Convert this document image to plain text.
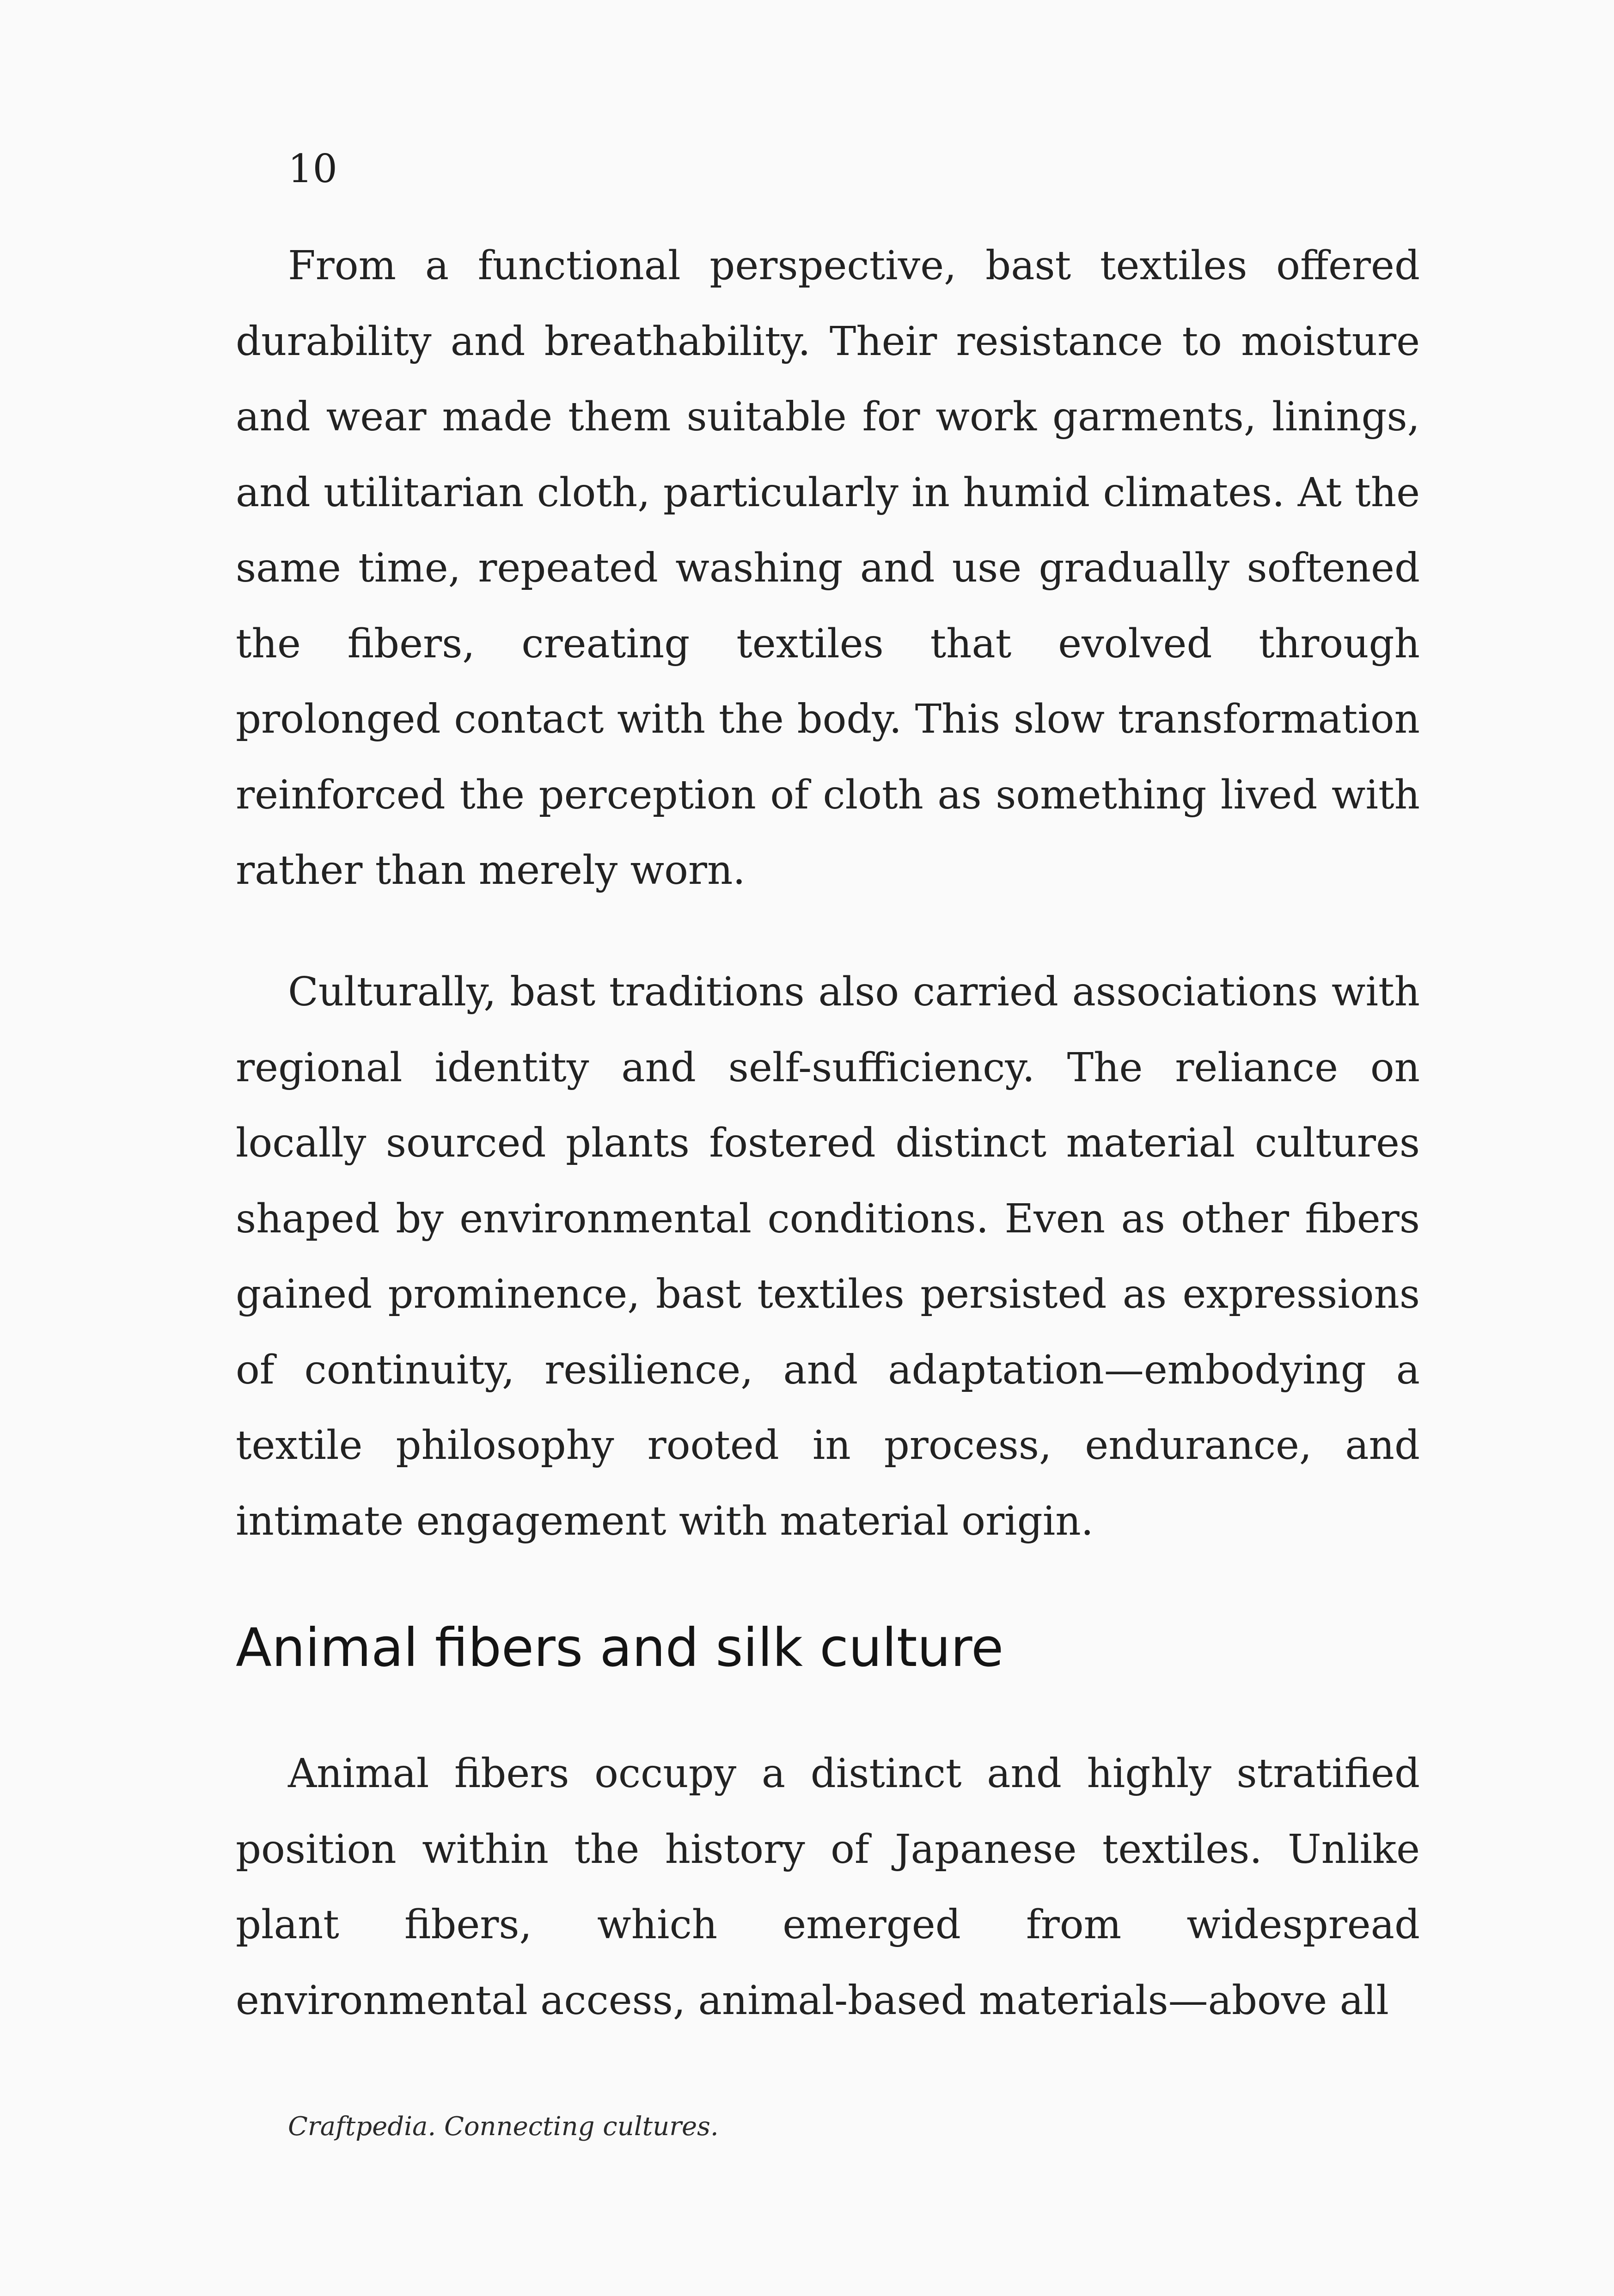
10

From a functional perspective, bast textiles offered durability and breathability. Their resistance to moisture and wear made them suitable for work garments, linings, and utilitarian cloth, particularly in humid climates. At the same time, repeated washing and use gradually softened the fibers, creating textiles that evolved through prolonged contact with the body. This slow transformation reinforced the perception of cloth as something lived with rather than merely worn.

Culturally, bast traditions also carried associations with regional identity and self-sufficiency. The reliance on locally sourced plants fostered distinct material cultures shaped by environmental conditions. Even as other fibers gained prominence, bast textiles persisted as expressions of continuity, resilience, and adaptation—embodying a textile philosophy rooted in process, endurance, and intimate engagement with material origin.

Animal fibers and silk culture

Animal fibers occupy a distinct and highly stratified position within the history of Japanese textiles. Unlike plant fibers, which emerged from widespread environmental access, animal-based materials—above all

Craftpedia. Connecting cultures.
